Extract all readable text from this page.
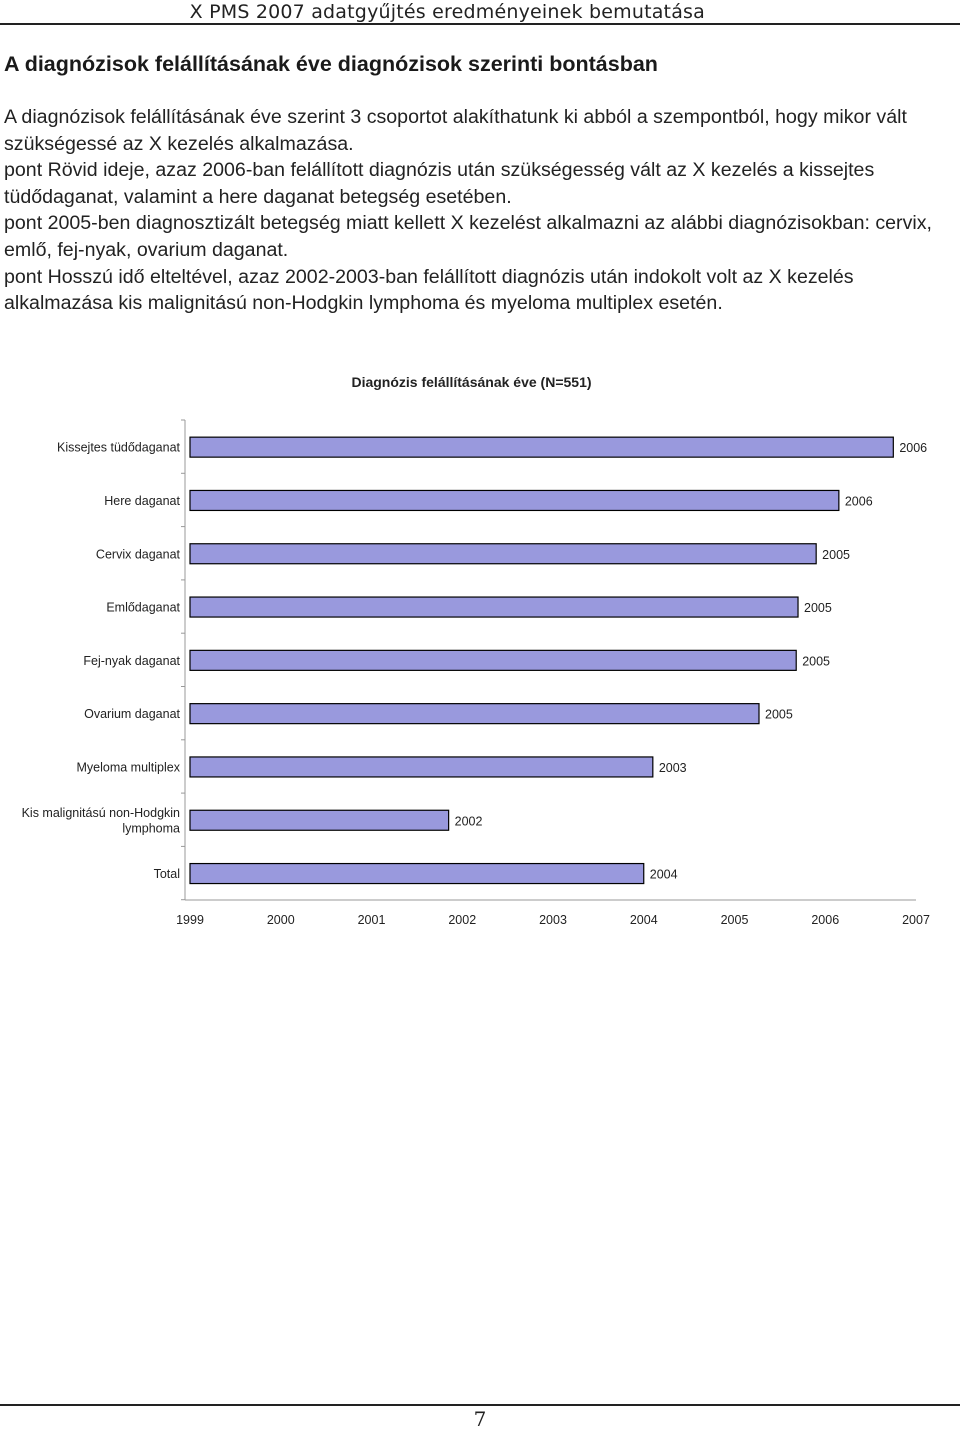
X PMS 2007 adatgyűjtés eredményeinek bemutatása
A diagnózisok felállításának éve diagnózisok szerinti bontásban

A diagnózisok felállításának éve szerint 3 csoportot alakíthatunk ki abból a szempontból, hogy mikor vált szükségessé az X kezelés alkalmazása.

pont Rövid ideje, azaz 2006-ban felállított diagnózis után szükségesség vált az X kezelés a kissejtes tüdődaganat, valamint a here daganat betegség esetében.

pont 2005-ben diagnosztizált betegség miatt kellett X kezelést alkalmazni az alábbi diagnózisokban: cervix, emlő, fej-nyak, ovarium daganat.

pont Hosszú idő elteltével, azaz 2002-2003-ban felállított diagnózis után indokolt volt az X kezelés alkalmazása kis malignitású non-Hodgkin lymphoma és myeloma multiplex esetén.

Diagnózis felállításának éve (N=551)
Kissejtes tüdődaganat	2006
Here daganat	2006
Cervix daganat	2005
Emlődaganat	2005
Fej-nyak daganat	2005
Ovarium daganat	2005
Myeloma multiplex	2003
Kis malignitású non-Hodgkin lymphoma
2002
Total	2004
1999	2000	2001	2002	2003	2004	2005	2006	2007
7
